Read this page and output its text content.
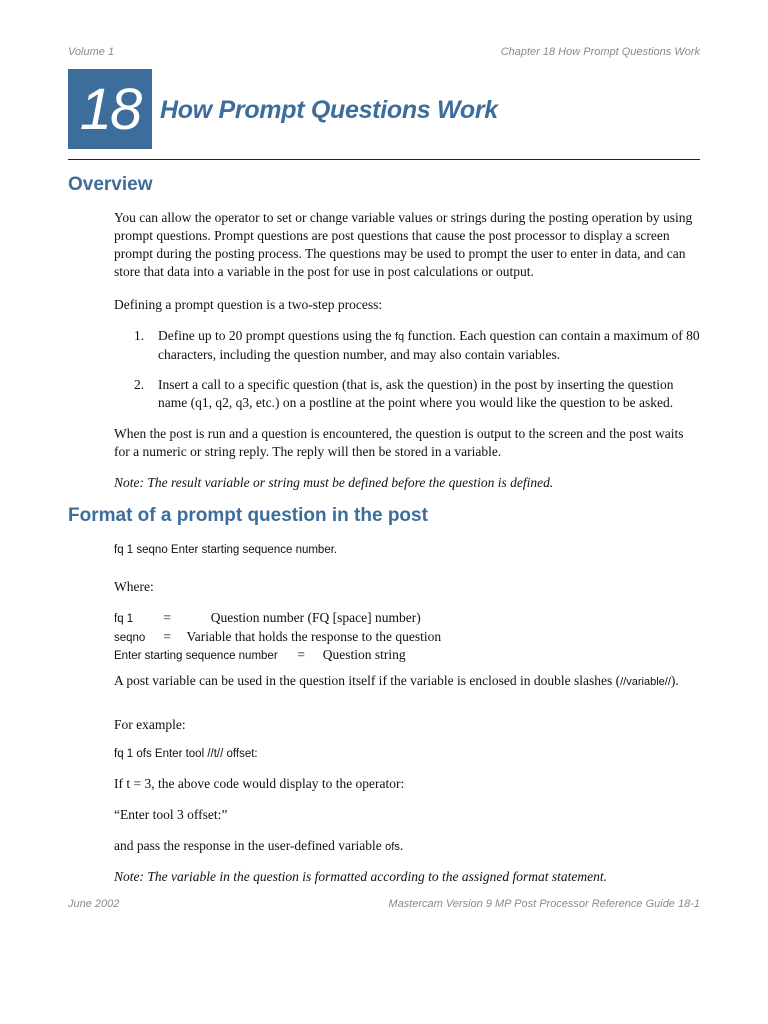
Volume 1	Chapter 18 How Prompt Questions Work
18 How Prompt Questions Work
Overview
You can allow the operator to set or change variable values or strings during the posting operation by using prompt questions. Prompt questions are post questions that cause the post processor to display a screen prompt during the posting process. The questions may be used to prompt the user to enter in data, and can store that data into a variable in the post for use in post calculations or output.
Defining a prompt question is a two-step process:
1. Define up to 20 prompt questions using the fq function. Each question can contain a maximum of 80 characters, including the question number, and may also contain variables.
2. Insert a call to a specific question (that is, ask the question) in the post by inserting the question name (q1, q2, q3, etc.) on a postline at the point where you would like the question to be asked.
When the post is run and a question is encountered, the question is output to the screen and the post waits for a numeric or string reply. The reply will then be stored in a variable.
Note: The result variable or string must be defined before the question is defined.
Format of a prompt question in the post
fq 1 seqno Enter starting sequence number.
Where:
fq 1 =	Question number (FQ [space] number)
seqno = Variable that holds the response to the question
Enter starting sequence number = Question string
A post variable can be used in the question itself if the variable is enclosed in double slashes (//variable//).
For example:
fq 1 ofs Enter tool //t// offset:
If t = 3, the above code would display to the operator:
“Enter tool 3 offset:”
and pass the response in the user-defined variable ofs.
Note: The variable in the question is formatted according to the assigned format statement.
June 2002	Mastercam Version 9 MP Post Processor Reference Guide 18-1
